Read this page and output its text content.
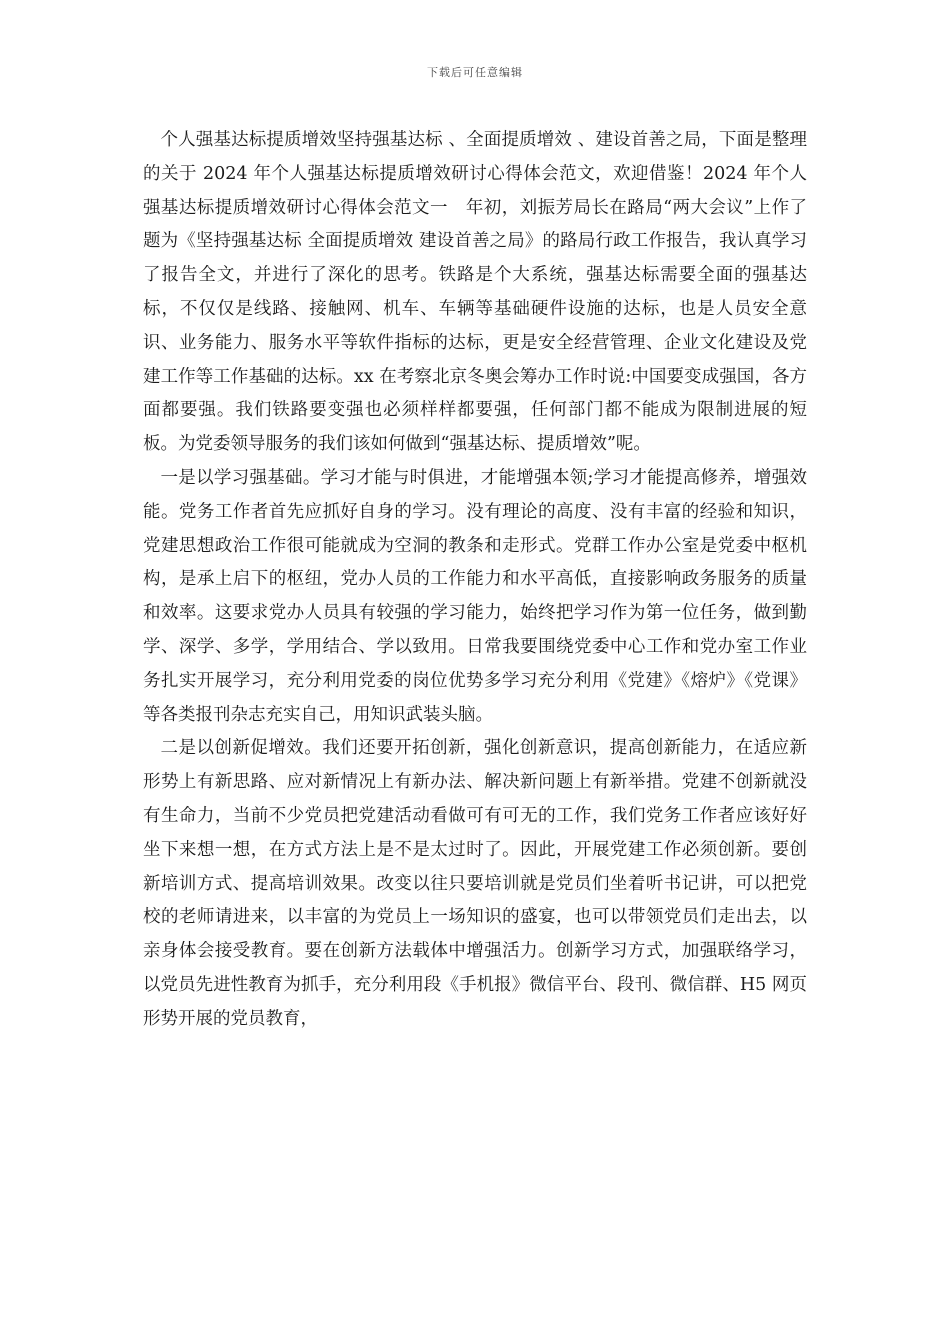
下载后可任意编辑

个人强基达标提质增效坚持强基达标 、全面提质增效 、建设首善之局，下面是整理的关于 2024 年个人强基达标提质增效研讨心得体会范文，欢迎借鉴！2024 年个人强基达标提质增效研讨心得体会范文一　年初，刘振芳局长在路局“两大会议”上作了题为《坚持强基达标 全面提质增效 建设首善之局》的路局行政工作报告，我认真学习了报告全文，并进行了深化的思考。铁路是个大系统，强基达标需要全面的强基达标，不仅仅是线路、接触网、机车、车辆等基础硬件设施的达标，也是人员安全意识、业务能力、服务水平等软件指标的达标，更是安全经营管理、企业文化建设及党建工作等工作基础的达标。xx 在考察北京冬奥会筹办工作时说:中国要变成强国，各方面都要强。我们铁路要变强也必须样样都要强，任何部门都不能成为限制进展的短板。为党委领导服务的我们该如何做到“强基达标、提质增效”呢。

一是以学习强基础。学习才能与时俱进，才能增强本领;学习才能提高修养，增强效能。党务工作者首先应抓好自身的学习。没有理论的高度、没有丰富的经验和知识，党建思想政治工作很可能就成为空洞的教条和走形式。党群工作办公室是党委中枢机构，是承上启下的枢纽，党办人员的工作能力和水平高低，直接影响政务服务的质量和效率。这要求党办人员具有较强的学习能力，始终把学习作为第一位任务，做到勤学、深学、多学，学用结合、学以致用。日常我要围绕党委中心工作和党办室工作业务扎实开展学习，充分利用党委的岗位优势多学习充分利用《党建》《熔炉》《党课》等各类报刊杂志充实自己，用知识武装头脑。

二是以创新促增效。我们还要开拓创新，强化创新意识，提高创新能力，在适应新形势上有新思路、应对新情况上有新办法、解决新问题上有新举措。党建不创新就没有生命力，当前不少党员把党建活动看做可有可无的工作，我们党务工作者应该好好坐下来想一想，在方式方法上是不是太过时了。因此，开展党建工作必须创新。要创新培训方式、提高培训效果。改变以往只要培训就是党员们坐着听书记讲，可以把党校的老师请进来，以丰富的为党员上一场知识的盛宴，也可以带领党员们走出去，以亲身体会接受教育。要在创新方法载体中增强活力。创新学习方式，加强联络学习，以党员先进性教育为抓手，充分利用段《手机报》微信平台、段刊、微信群、H5 网页形势开展的党员教育，
